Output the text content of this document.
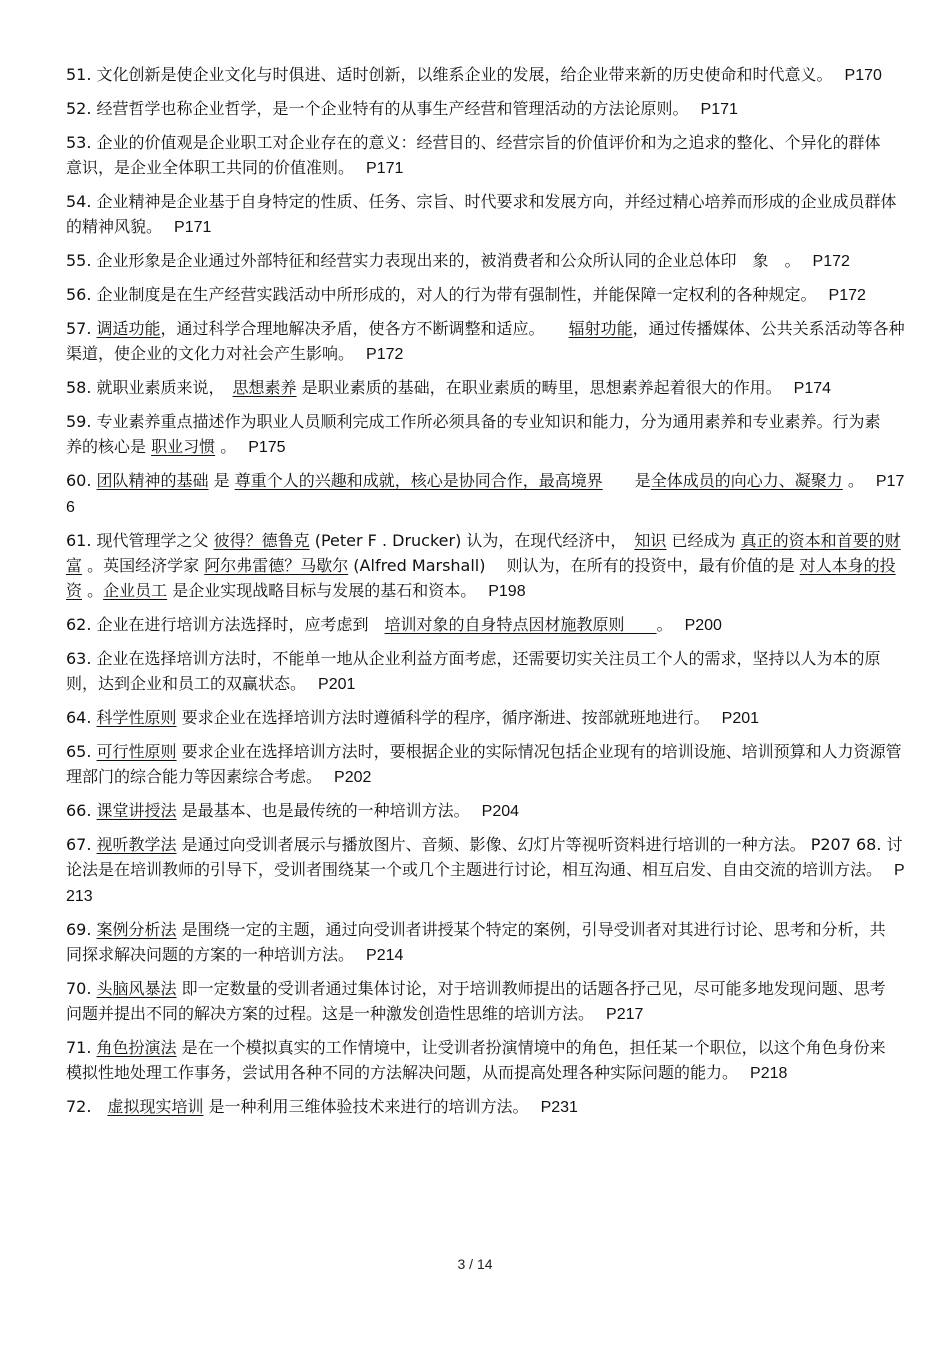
51. 文化创新是使企业文化与时俱进、适时创新，以维系企业的发展，给企业带来新的历史使命和时代意义。 P170
52. 经营哲学也称企业哲学，是一个企业特有的从事生产经营和管理活动的方法论原则。 P171
53. 企业的价值观是企业职工对企业存在的意义：经营目的、经营宗旨的价值评价和为之追求的整化、个异化的群体　意识，是企业全体职工共同的价值准则。 P171
54. 企业精神是企业基于自身特定的性质、任务、宗旨、时代要求和发展方向，并经过精心培养而形成的企业成员群体　的精神风貌。 P171
55. 企业形象是企业通过外部特征和经营实力表现出来的，被消费者和公众所认同的企业总体印　象　。 P172
56. 企业制度是在生产经营实践活动中所形成的，对人的行为带有强制性，并能保障一定权利的各种规定。 P172
57. 调适功能，通过科学合理地解决矛盾，使各方不断调整和适应。　　辐射功能，通过传播媒体、公共关系活动等各种渠道，使企业的文化力对社会产生影响。 P172
58. 就职业素质来说，　思想素养 是职业素质的基础，在职业素质的畴里，思想素养起着很大的作用。 P174
59. 专业素养重点描述作为职业人员顺利完成工作所必须具备的专业知识和能力，分为通用素养和专业素养。行为素　养的核心是 职业习惯 。 P175
60. 团队精神的基础 是 尊重个人的兴趣和成就，核心是协同合作，最高境界　　是全体成员的向心力、凝聚力 。 P176
61. 现代管理学之父 彼得？德鲁克 (Peter F . Drucker) 认为，在现代经济中，　知识 已经成为 真正的资本和首要的财富 。英国经济学家 阿尔弗雷德？马歇尔 (Alfred Marshall)　 则认为，在所有的投资中，最有价值的是 对人本身的投资 。企业员工 是企业实现战略目标与发展的基石和资本。 P198
62. 企业在进行培训方法选择时，应考虑到　培训对象的自身特点因材施教原则　　。 P200
63. 企业在选择培训方法时，不能单一地从企业利益方面考虑，还需要切实关注员工个人的需求，坚持以人为本的原　则，达到企业和员工的双赢状态。 P201
64. 科学性原则 要求企业在选择培训方法时遵循科学的程序，循序渐进、按部就班地进行。 P201
65. 可行性原则 要求企业在选择培训方法时，要根据企业的实际情况包括企业现有的培训设施、培训预算和人力资源管理部门的综合能力等因素综合考虑。 P202
66. 课堂讲授法 是最基本、也是最传统的一种培训方法。 P204
67. 视听教学法 是通过向受训者展示与播放图片、音频、影像、幻灯片等视听资料进行培训的一种方法。 P207 68. 讨论法是在培训教师的引导下，受训者围绕某一个或几个主题进行讨论，相互沟通、相互启发、自由交流的培训方法。 P213
69. 案例分析法 是围绕一定的主题，通过向受训者讲授某个特定的案例，引导受训者对其进行讨论、思考和分析，共　同探求解决问题的方案的一种培训方法。 P214
70. 头脑风暴法 即一定数量的受训者通过集体讨论，对于培训教师提出的话题各抒己见，尽可能多地发现问题、思考　问题并提出不同的解决方案的过程。这是一种激发创造性思维的培训方法。 P217
71. 角色扮演法 是在一个模拟真实的工作情境中，让受训者扮演情境中的角色，担任某一个职位，以这个角色身份来　模拟性地处理工作事务，尝试用各种不同的方法解决问题，从而提高处理各种实际问题的能力。 P218
72.　虚拟现实培训 是一种利用三维体验技术来进行的培训方法。 P231
3 / 14
